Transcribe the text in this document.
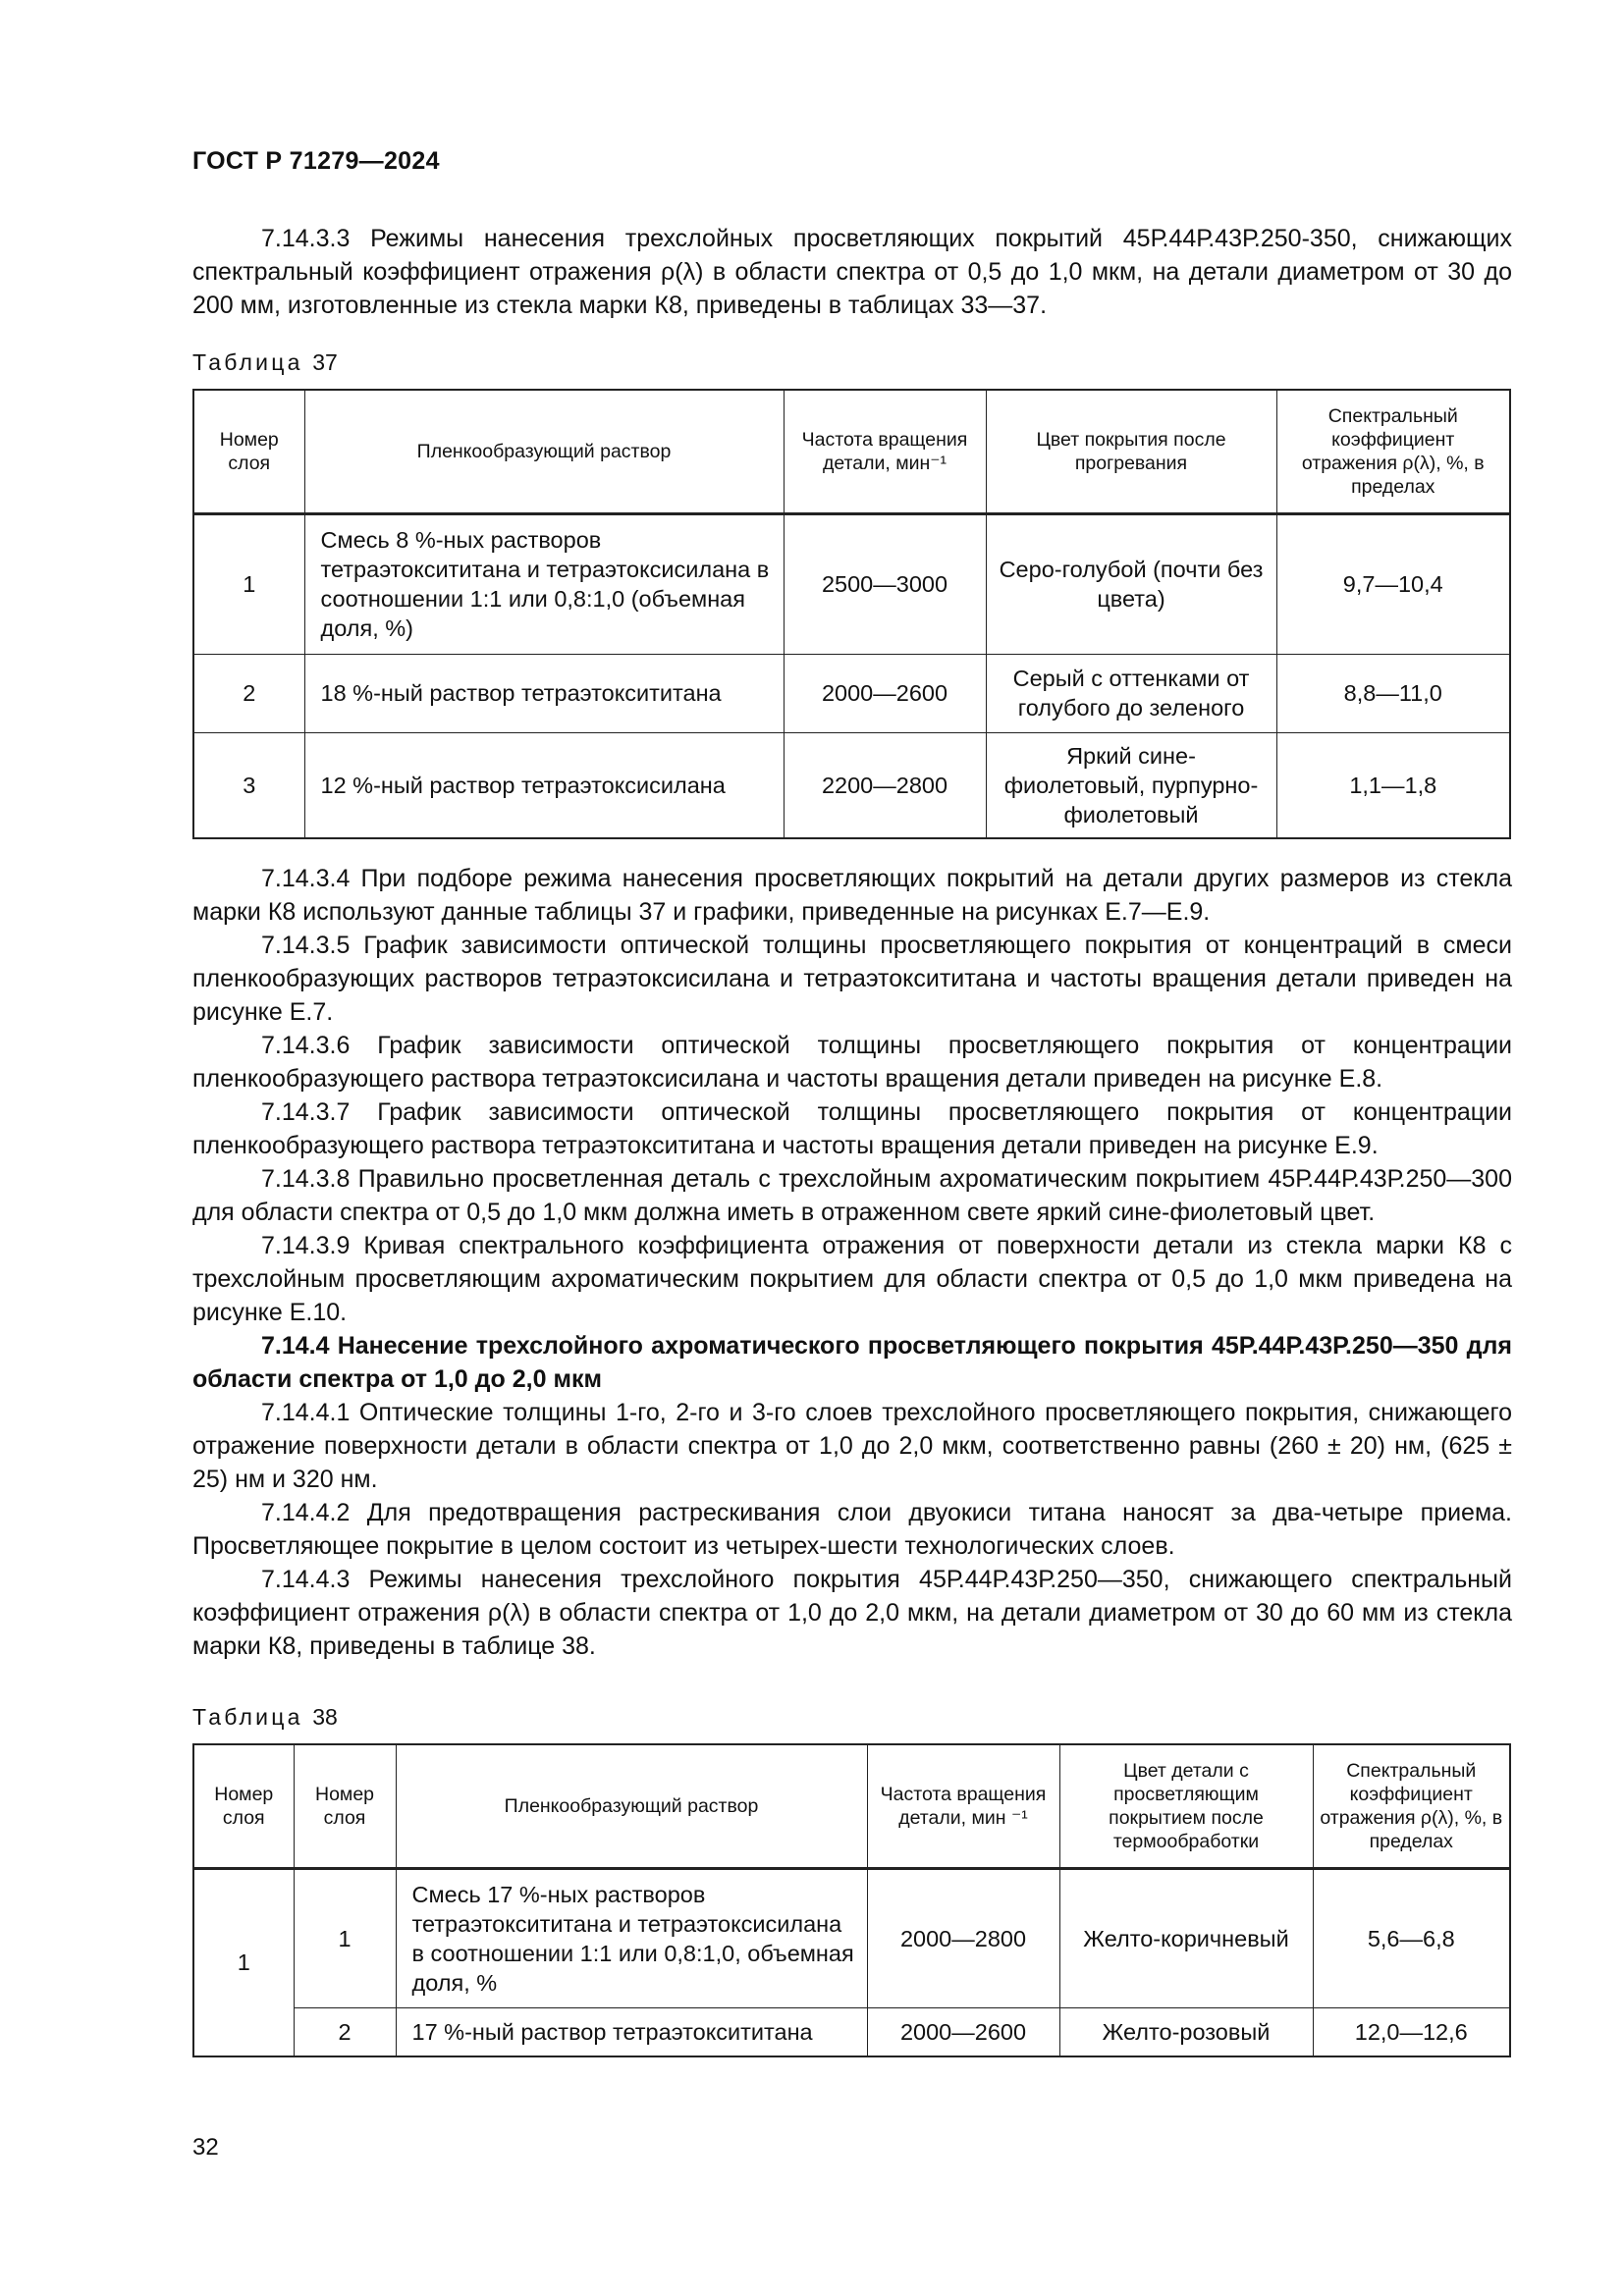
ГОСТ Р 71279—2024

7.14.3.3 Режимы нанесения трехслойных просветляющих покрытий 45Р.44Р.43Р.250-350, снижающих спектральный коэффициент отражения ρ(λ) в области спектра от 0,5 до 1,0 мкм, на детали диаметром от 30 до 200 мм, изготовленные из стекла марки К8, приведены в таблицах 33—37.

Таблица 37
Номер слоя	Пленкообразующий раствор	Частота вращения детали, мин⁻¹	Цвет покрытия после прогревания	Спектральный коэффициент отражения ρ(λ), %, в пределах
1	Смесь 8 %-ных растворов тетраэтоксититана и тетраэтоксисилана в соотношении 1:1 или 0,8:1,0 (объемная доля, %)	2500—3000	Серо-голубой (почти без цвета)	9,7—10,4
2	18 %-ный раствор тетраэтоксититана	2000—2600	Серый с оттенками от голубого до зеленого	8,8—11,0
3	12 %-ный раствор тетраэтоксисилана	2200—2800	Яркий сине-фиолетовый, пурпурно-фиолетовый	1,1—1,8

7.14.3.4 При подборе режима нанесения просветляющих покрытий на детали других размеров из стекла марки К8 используют данные таблицы 37 и графики, приведенные на рисунках Е.7—Е.9.

7.14.3.5 График зависимости оптической толщины просветляющего покрытия от концентраций в смеси пленкообразующих растворов тетраэтоксисилана и тетраэтоксититана и частоты вращения детали приведен на рисунке Е.7.

7.14.3.6 График зависимости оптической толщины просветляющего покрытия от концентрации пленкообразующего раствора тетраэтоксисилана и частоты вращения детали приведен на рисунке Е.8.

7.14.3.7 График зависимости оптической толщины просветляющего покрытия от концентрации пленкообразующего раствора тетраэтоксититана и частоты вращения детали приведен на рисунке Е.9.

7.14.3.8 Правильно просветленная деталь с трехслойным ахроматическим покрытием 45Р.44Р.43Р.250—300 для области спектра от 0,5 до 1,0 мкм должна иметь в отраженном свете яркий сине-фиолетовый цвет.

7.14.3.9 Кривая спектрального коэффициента отражения от поверхности детали из стекла марки К8 с трехслойным просветляющим ахроматическим покрытием для области спектра от 0,5 до 1,0 мкм приведена на рисунке Е.10.

7.14.4 Нанесение трехслойного ахроматического просветляющего покрытия 45Р.44Р.43Р.250—350 для области спектра от 1,0 до 2,0 мкм

7.14.4.1 Оптические толщины 1-го, 2-го и 3-го слоев трехслойного просветляющего покрытия, снижающего отражение поверхности детали в области спектра от 1,0 до 2,0 мкм, соответственно равны (260 ± 20) нм, (625 ± 25) нм и 320 нм.

7.14.4.2 Для предотвращения растрескивания слои двуокиси титана наносят за два-четыре приема. Просветляющее покрытие в целом состоит из четырех-шести технологических слоев.

7.14.4.3 Режимы нанесения трехслойного покрытия 45Р.44Р.43Р.250—350, снижающего спектральный коэффициент отражения ρ(λ) в области спектра от 1,0 до 2,0 мкм, на детали диаметром от 30 до 60 мм из стекла марки К8, приведены в таблице 38.

Таблица 38
Номер слоя	Номер слоя	Пленкообразующий раствор	Частота вращения детали, мин ⁻¹	Цвет детали с просветляющим покрытием после термообработки	Спектральный коэффициент отражения ρ(λ), %, в пределах
1	1	Смесь 17 %-ных растворов тетраэтоксититана и тетраэтоксисилана в соотношении 1:1 или 0,8:1,0, объемная доля, %	2000—2800	Желто-коричневый	5,6—6,8
	2	17 %-ный раствор тетраэтоксититана	2000—2600	Желто-розовый	12,0—12,6
32
